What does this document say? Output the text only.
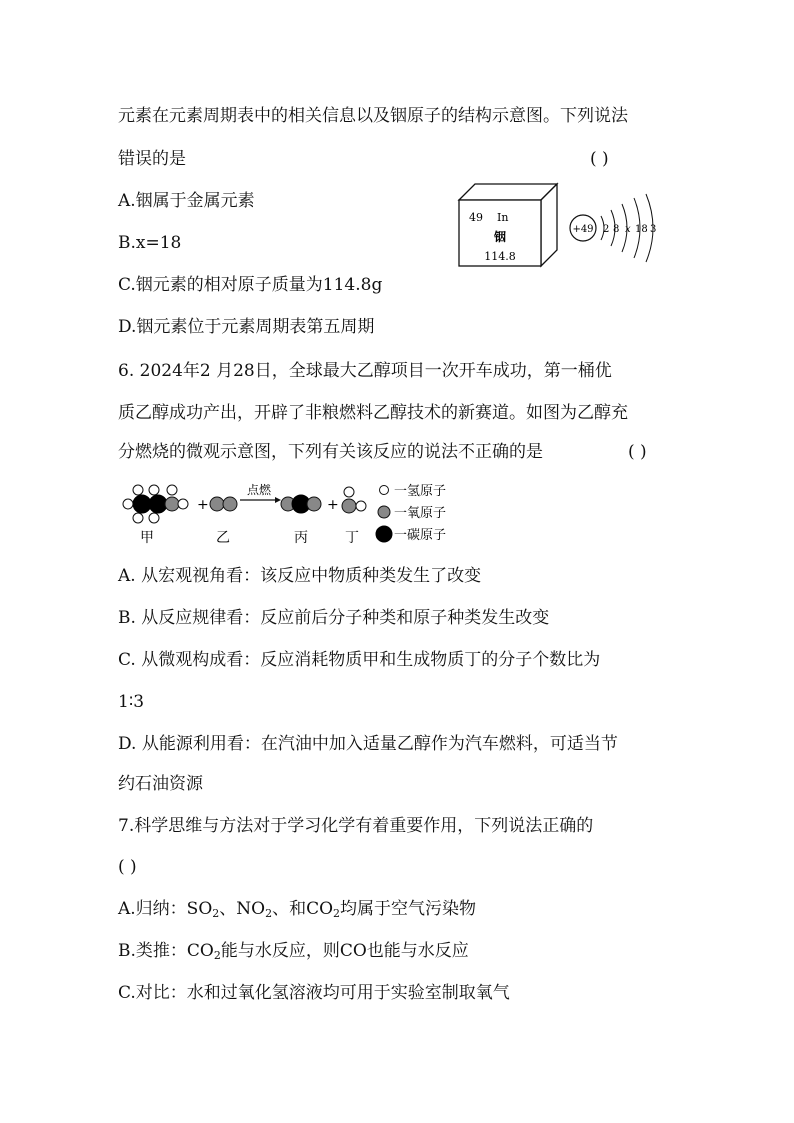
元素在元素周期表中的相关信息以及铟原子的结构示意图。下列说法
错误的是	( )
A.铟属于金属元素
B.x=18
C.铟元素的相对原子质量为114.8g
D.铟元素位于元素周期表第五周期
49 In
铟
114.8
+49 2 8 x 18 3
6. 2024年2 月28日，全球最大乙醇项目一次开车成功，第一桶优
质乙醇成功产出，开辟了非粮燃料乙醇技术的新赛道。如图为乙醇充
分燃烧的微观示意图，下列有关该反应的说法不正确的是	( )
甲
+
乙
点燃
丙
+
丁
一氢原子
一氧原子
一碳原子
A. 从宏观视角看：该反应中物质种类发生了改变
B. 从反应规律看：反应前后分子种类和原子种类发生改变
C. 从微观构成看：反应消耗物质甲和生成物质丁的分子个数比为
1∶3
D. 从能源利用看：在汽油中加入适量乙醇作为汽车燃料，可适当节
约石油资源
7.科学思维与方法对于学习化学有着重要作用，下列说法正确的
( )
A.归纳：$SO_2$、$NO_2$、和$CO_2$均属于空气污染物
B.类推：$CO_2$能与水反应，则CO也能与水反应
C.对比：水和过氧化氢溶液均可用于实验室制取氧气
